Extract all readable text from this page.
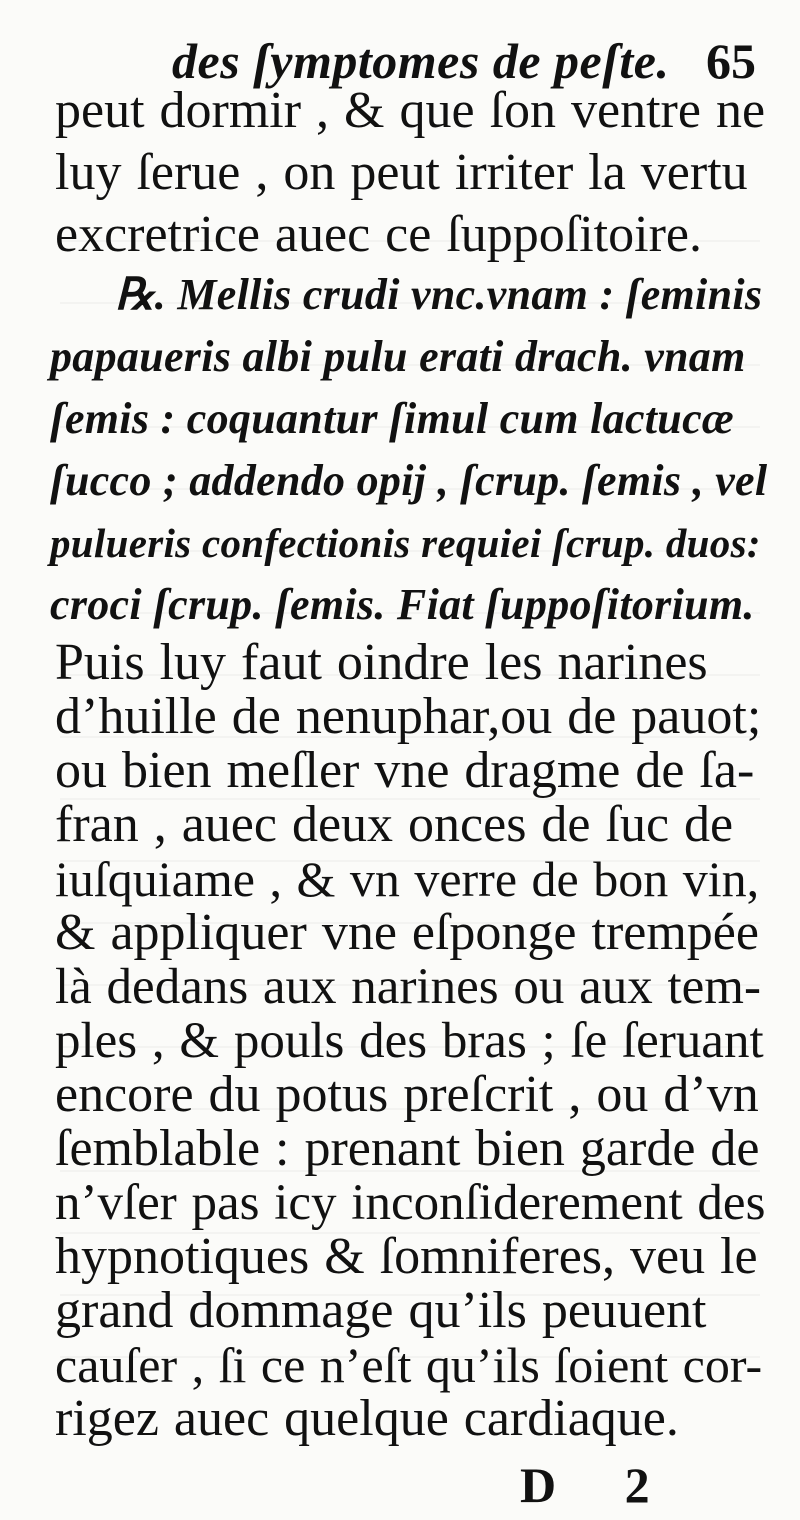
des ſymptomes de peſte. 65
peut dormir , & que ſon ventre ne
luy ſerue , on peut irriter la vertu
excretrice auec ce ſuppoſitoire.
℞. Mellis crudi vnc.vnam : ſeminis
papaueris albi pulu erati drach. vnam
ſemis : coquantur ſimul cum lactucæ
ſucco ; addendo opij , ſcrup. ſemis , vel
pulueris confectionis requiei ſcrup. duos:
croci ſcrup. ſemis. Fiat ſuppoſitorium.
Puis luy faut oindre les narines
d’huille de nenuphar,ou de pauot;
ou bien meſler vne dragme de ſa-
fran , auec deux onces de ſuc de
iuſquiame , & vn verre de bon vin,
& appliquer vne eſponge trempée
là dedans aux narines ou aux tem-
ples , & pouls des bras ; ſe ſeruant
encore du potus preſcrit , ou d’vn
ſemblable : prenant bien garde de
n’vſer pas icy inconſiderement des
hypnotiques & ſomniferes, veu le
grand dommage qu’ils peuuent
cauſer , ſi ce n’eſt qu’ils ſoient cor-
rigez auec quelque cardiaque.
D 2
